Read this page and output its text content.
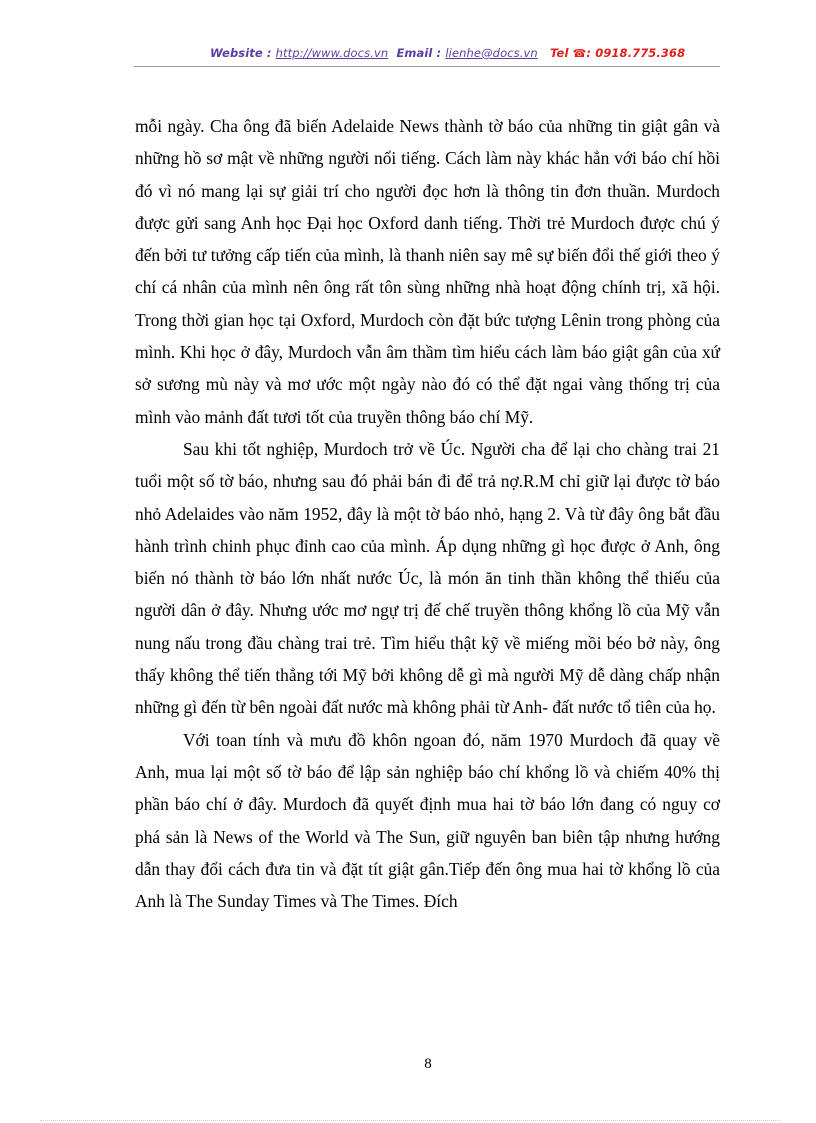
Website : http://www.docs.vn Email : lienhe@docs.vn Tel ☎: 0918.775.368

mỗi ngày. Cha ông đã biến Adelaide News thành tờ báo của những tin giật gân và những hồ sơ mật về những người nổi tiếng. Cách làm này khác hẳn với báo chí hồi đó vì nó mang lại sự giải trí cho người đọc hơn là thông tin đơn thuần. Murdoch được gửi sang Anh học Đại học Oxford danh tiếng. Thời trẻ Murdoch được chú ý đến bởi tư tưởng cấp tiến của mình, là thanh niên say mê sự biến đổi thế giới theo ý chí cá nhân của mình nên ông rất tôn sùng những nhà hoạt động chính trị, xã hội. Trong thời gian học tại Oxford, Murdoch còn đặt bức tượng Lênin trong phòng của mình. Khi học ở đây, Murdoch vẫn âm thầm tìm hiểu cách làm báo giật gân của xứ sở sương mù này và mơ ước một ngày nào đó có thể đặt ngai vàng thống trị của mình vào mảnh đất tươi tốt của truyền thông báo chí Mỹ.

Sau khi tốt nghiệp, Murdoch trở về Úc. Người cha để lại cho chàng trai 21 tuổi một số tờ báo, nhưng sau đó phải bán đi để trả nợ.R.M chỉ giữ lại được tờ báo nhỏ Adelaides vào năm 1952, đây là một tờ báo nhỏ, hạng 2. Và từ đây ông bắt đầu hành trình chinh phục đỉnh cao của mình. Áp dụng những gì học được ở Anh, ông biến nó thành tờ báo lớn nhất nước Úc, là món ăn tinh thần không thể thiếu của người dân ở đây. Nhưng ước mơ ngự trị đế chế truyền thông khổng lồ của Mỹ vẫn nung nấu trong đầu chàng trai trẻ. Tìm hiểu thật kỹ về miếng mồi béo bở này, ông thấy không thể tiến thẳng tới Mỹ bởi không dễ gì mà người Mỹ dễ dàng chấp nhận những gì đến từ bên ngoài đất nước mà không phải từ Anh- đất nước tổ tiên của họ.

Với toan tính và mưu đồ khôn ngoan đó, năm 1970 Murdoch đã quay về Anh, mua lại một số tờ báo để lập sản nghiệp báo chí khổng lồ và chiếm 40% thị phần báo chí ở đây. Murdoch đã quyết định mua hai tờ báo lớn đang có nguy cơ phá sản là News of the World và The Sun, giữ nguyên ban biên tập nhưng hướng dẫn thay đổi cách đưa tin và đặt tít giật gân.Tiếp đến ông mua hai tờ khổng lồ của Anh là The Sunday Times và The Times. Đích

8
